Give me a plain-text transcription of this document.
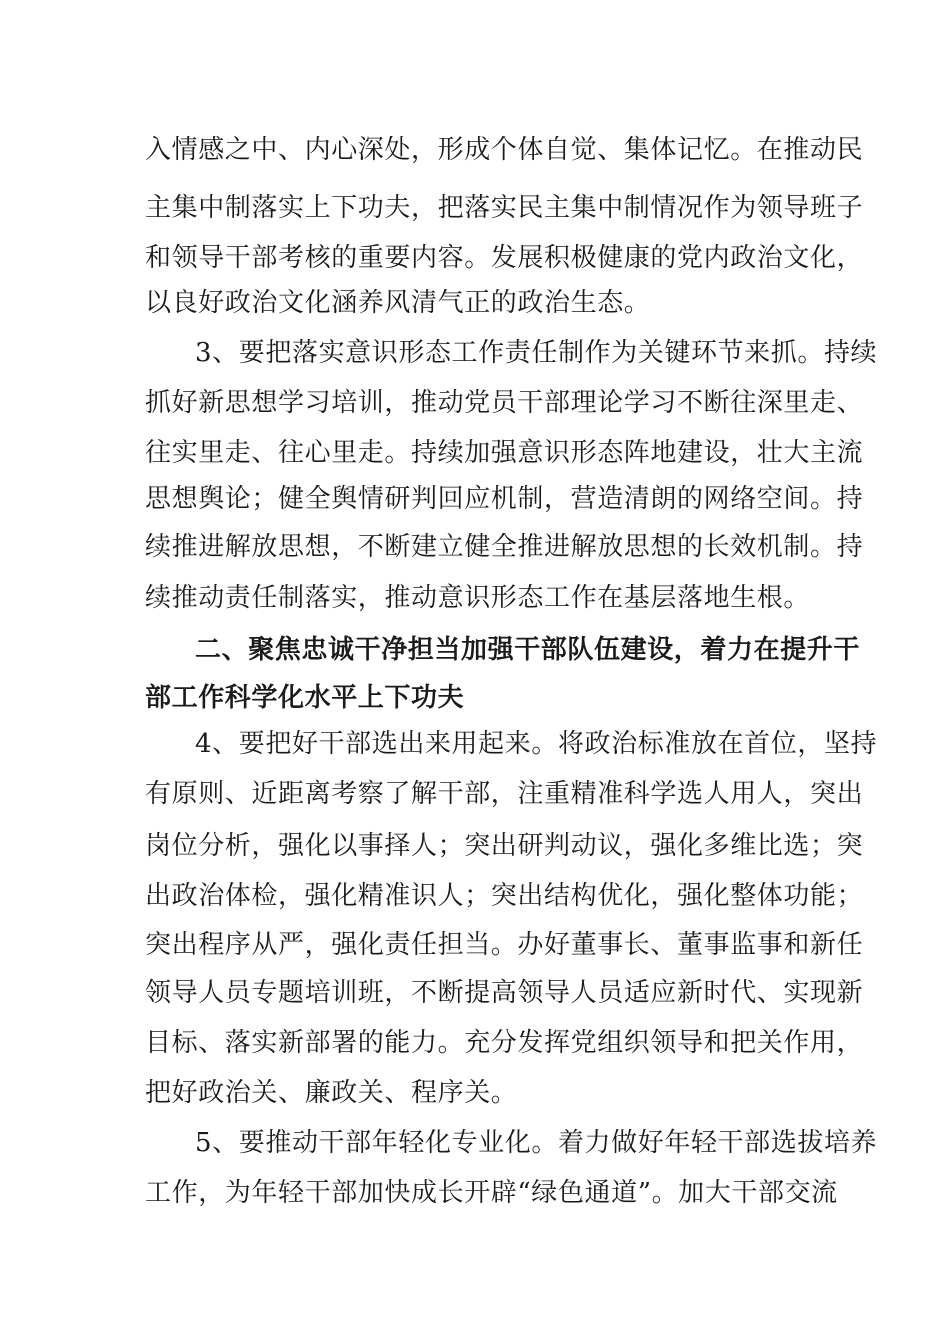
入情感之中、内心深处，形成个体自觉、集体记忆。在推动民
主集中制落实上下功夫，把落实民主集中制情况作为领导班子
和领导干部考核的重要内容。发展积极健康的党内政治文化，
以良好政治文化涵养风清气正的政治生态。
3、要把落实意识形态工作责任制作为关键环节来抓。持续
抓好新思想学习培训，推动党员干部理论学习不断往深里走、
往实里走、往心里走。持续加强意识形态阵地建设，壮大主流
思想舆论；健全舆情研判回应机制，营造清朗的网络空间。持
续推进解放思想，不断建立健全推进解放思想的长效机制。持
续推动责任制落实，推动意识形态工作在基层落地生根。
二、聚焦忠诚干净担当加强干部队伍建设，着力在提升干
部工作科学化水平上下功夫
4、要把好干部选出来用起来。将政治标准放在首位，坚持
有原则、近距离考察了解干部，注重精准科学选人用人，突出
岗位分析，强化以事择人；突出研判动议，强化多维比选；突
出政治体检，强化精准识人；突出结构优化，强化整体功能；
突出程序从严，强化责任担当。办好董事长、董事监事和新任
领导人员专题培训班，不断提高领导人员适应新时代、实现新
目标、落实新部署的能力。充分发挥党组织领导和把关作用，
把好政治关、廉政关、程序关。
5、要推动干部年轻化专业化。着力做好年轻干部选拔培养
工作，为年轻干部加快成长开辟“绿色通道”。加大干部交流
